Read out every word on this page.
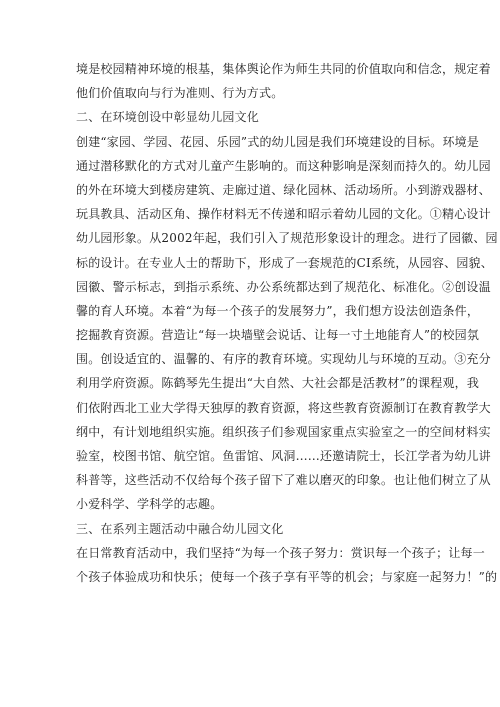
境是校园精神环境的根基，集体舆论作为师生共同的价值取向和信念，规定着
他们价值取向与行为准则、行为方式。
二、在环境创设中彰显幼儿园文化
创建“家园、学园、花园、乐园”式的幼儿园是我们环境建设的目标。环境是
通过潜移默化的方式对儿童产生影响的。而这种影响是深刻而持久的。幼儿园
的外在环境大到楼房建筑、走廊过道、绿化园林、活动场所。小到游戏器材、
玩具教具、活动区角、操作材料无不传递和昭示着幼儿园的文化。①精心设计
幼儿园形象。从2002年起，我们引入了规范形象设计的理念。进行了园徽、园
标的设计。在专业人士的帮助下，形成了一套规范的CI系统，从园容、园貌、
园徽、警示标志，到指示系统、办公系统都达到了规范化、标准化。②创设温
馨的育人环境。本着“为每一个孩子的发展努力”，我们想方设法创造条件，
挖掘教育资源。营造让“每一块墙壁会说话、让每一寸土地能育人”的校园氛
围。创设适宜的、温馨的、有序的教育环境。实现幼儿与环境的互动。③充分
利用学府资源。陈鹤琴先生提出“大自然、大社会都是活教材”的课程观，我
们依附西北工业大学得天独厚的教育资源，将这些教育资源制订在教育教学大
纲中，有计划地组织实施。组织孩子们参观国家重点实验室之一的空间材料实
验室，校图书馆、航空馆。鱼雷馆、风洞……还邀请院士，长江学者为幼儿讲
科普等，这些活动不仅给每个孩子留下了难以磨灭的印象。也让他们树立了从
小爱科学、学科学的志趣。
三、在系列主题活动中融合幼儿园文化
在日常教育活动中，我们坚持“为每一个孩子努力：赏识每一个孩子；让每一
个孩子体验成功和快乐；使每一个孩子享有平等的机会；与家庭一起努力！”的
